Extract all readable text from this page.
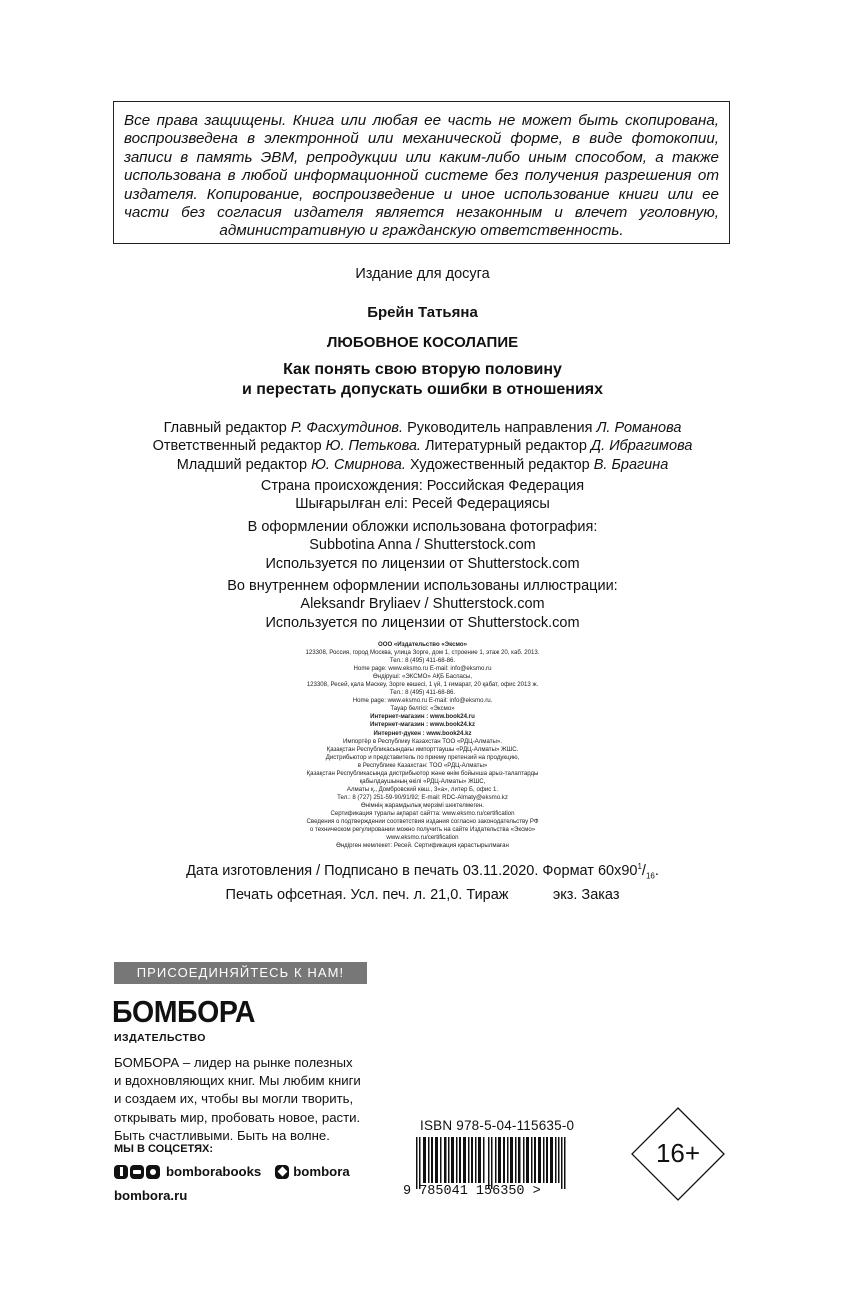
Все права защищены. Книга или любая ее часть не может быть скопирована, воспроизведена в электронной или механической форме, в виде фотокопии, записи в память ЭВМ, репродукции или каким-либо иным способом, а также использована в любой информационной системе без получения разрешения от издателя. Копирование, воспроизведение и иное использование книги или ее части без согласия издателя является незаконным и влечет уголовную, административную и гражданскую ответственность.

Издание для досуга
Брейн Татьяна
ЛЮБОВНОЕ КОСОЛАПИЕ
Как понять свою вторую половину
и перестать допускать ошибки в отношениях
Главный редактор Р. Фасхутдинов. Руководитель направления Л. Романова
Ответственный редактор Ю. Петькова. Литературный редактор Д. Ибрагимова
Младший редактор Ю. Смирнова. Художественный редактор В. Брагина
Страна происхождения: Российская Федерация
Шығарылған елі: Ресей Федерациясы
В оформлении обложки использована фотография:
Subbotina Anna / Shutterstock.com
Используется по лицензии от Shutterstock.com
Во внутреннем оформлении использованы иллюстрации:
Aleksandr Bryliaev / Shutterstock.com
Используется по лицензии от Shutterstock.com
ООО «Издательство «Эксмо»
123308, Россия, город Москва, улица Зорге, дом 1, строение 1, этаж 20, каб. 2013.
Тел.: 8 (495) 411-68-86.
Home page: www.eksmo.ru E-mail: info@eksmo.ru
Өндіруші: «ЭКСМО» АҚБ Баспасы,
123308, Ресей, қала Мәскеу, Зорге көшесі, 1 үй, 1 ғимарат, 20 қабат, офис 2013 ж.
Тел.: 8 (495) 411-68-86.
Home page: www.eksmo.ru E-mail: info@eksmo.ru.
Тауар белгісі: «Эксмо»
Интернет-магазин : www.book24.ru
Интернет-магазин : www.book24.kz
Интернет-дүкен : www.book24.kz
Импортёр в Республику Казахстан ТОО «РДЦ-Алматы».
Қазақстан Республикасындағы импорттаушы «РДЦ-Алматы» ЖШС.
Дистрибьютор и представитель по приему претензий на продукцию,
в Республике Казахстан: ТОО «РДЦ-Алматы»
Қазақстан Республикасында дистрибьютор және өнім бойынша арыз-талаптарды
қабылдаушының өкілі «РДЦ-Алматы» ЖШС,
Алматы қ., Домбровский көш., 3«а», литер Б, офис 1.
Тел.: 8 (727) 251-59-90/91/92; E-mail: RDC-Almaty@eksmo.kz
Өнімнің жарамдылық мерзімі шектелмеген.
Сертификация туралы ақпарат сайтта: www.eksmo.ru/certification
Сведения о подтверждении соответствия издания согласно законодательству РФ
о техническом регулировании можно получить на сайте Издательства «Эксмо»
www.eksmo.ru/certification
Өндірген мемлекет: Ресей. Сертификация қарастырылмаған
Дата изготовления / Подписано в печать 03.11.2020. Формат $60x90^1/_{16}$.
Печать офсетная. Усл. печ. л. 21,0. Тираж           экз. Заказ
ПРИСОЕДИНЯЙТЕСЬ К НАМ!
БОМБОРА
ИЗДАТЕЛЬСТВО
БОМБОРА – лидер на рынке полезных
и вдохновляющих книг. Мы любим книги
и создаем их, чтобы вы могли творить,
открывать мир, пробовать новое, расти.
Быть счастливыми. Быть на волне.
МЫ В СОЦСЕТЯХ:
bomborabooks bombora
bombora.ru
ISBN 978-5-04-115635-0
9 785041 156350 >
16+
